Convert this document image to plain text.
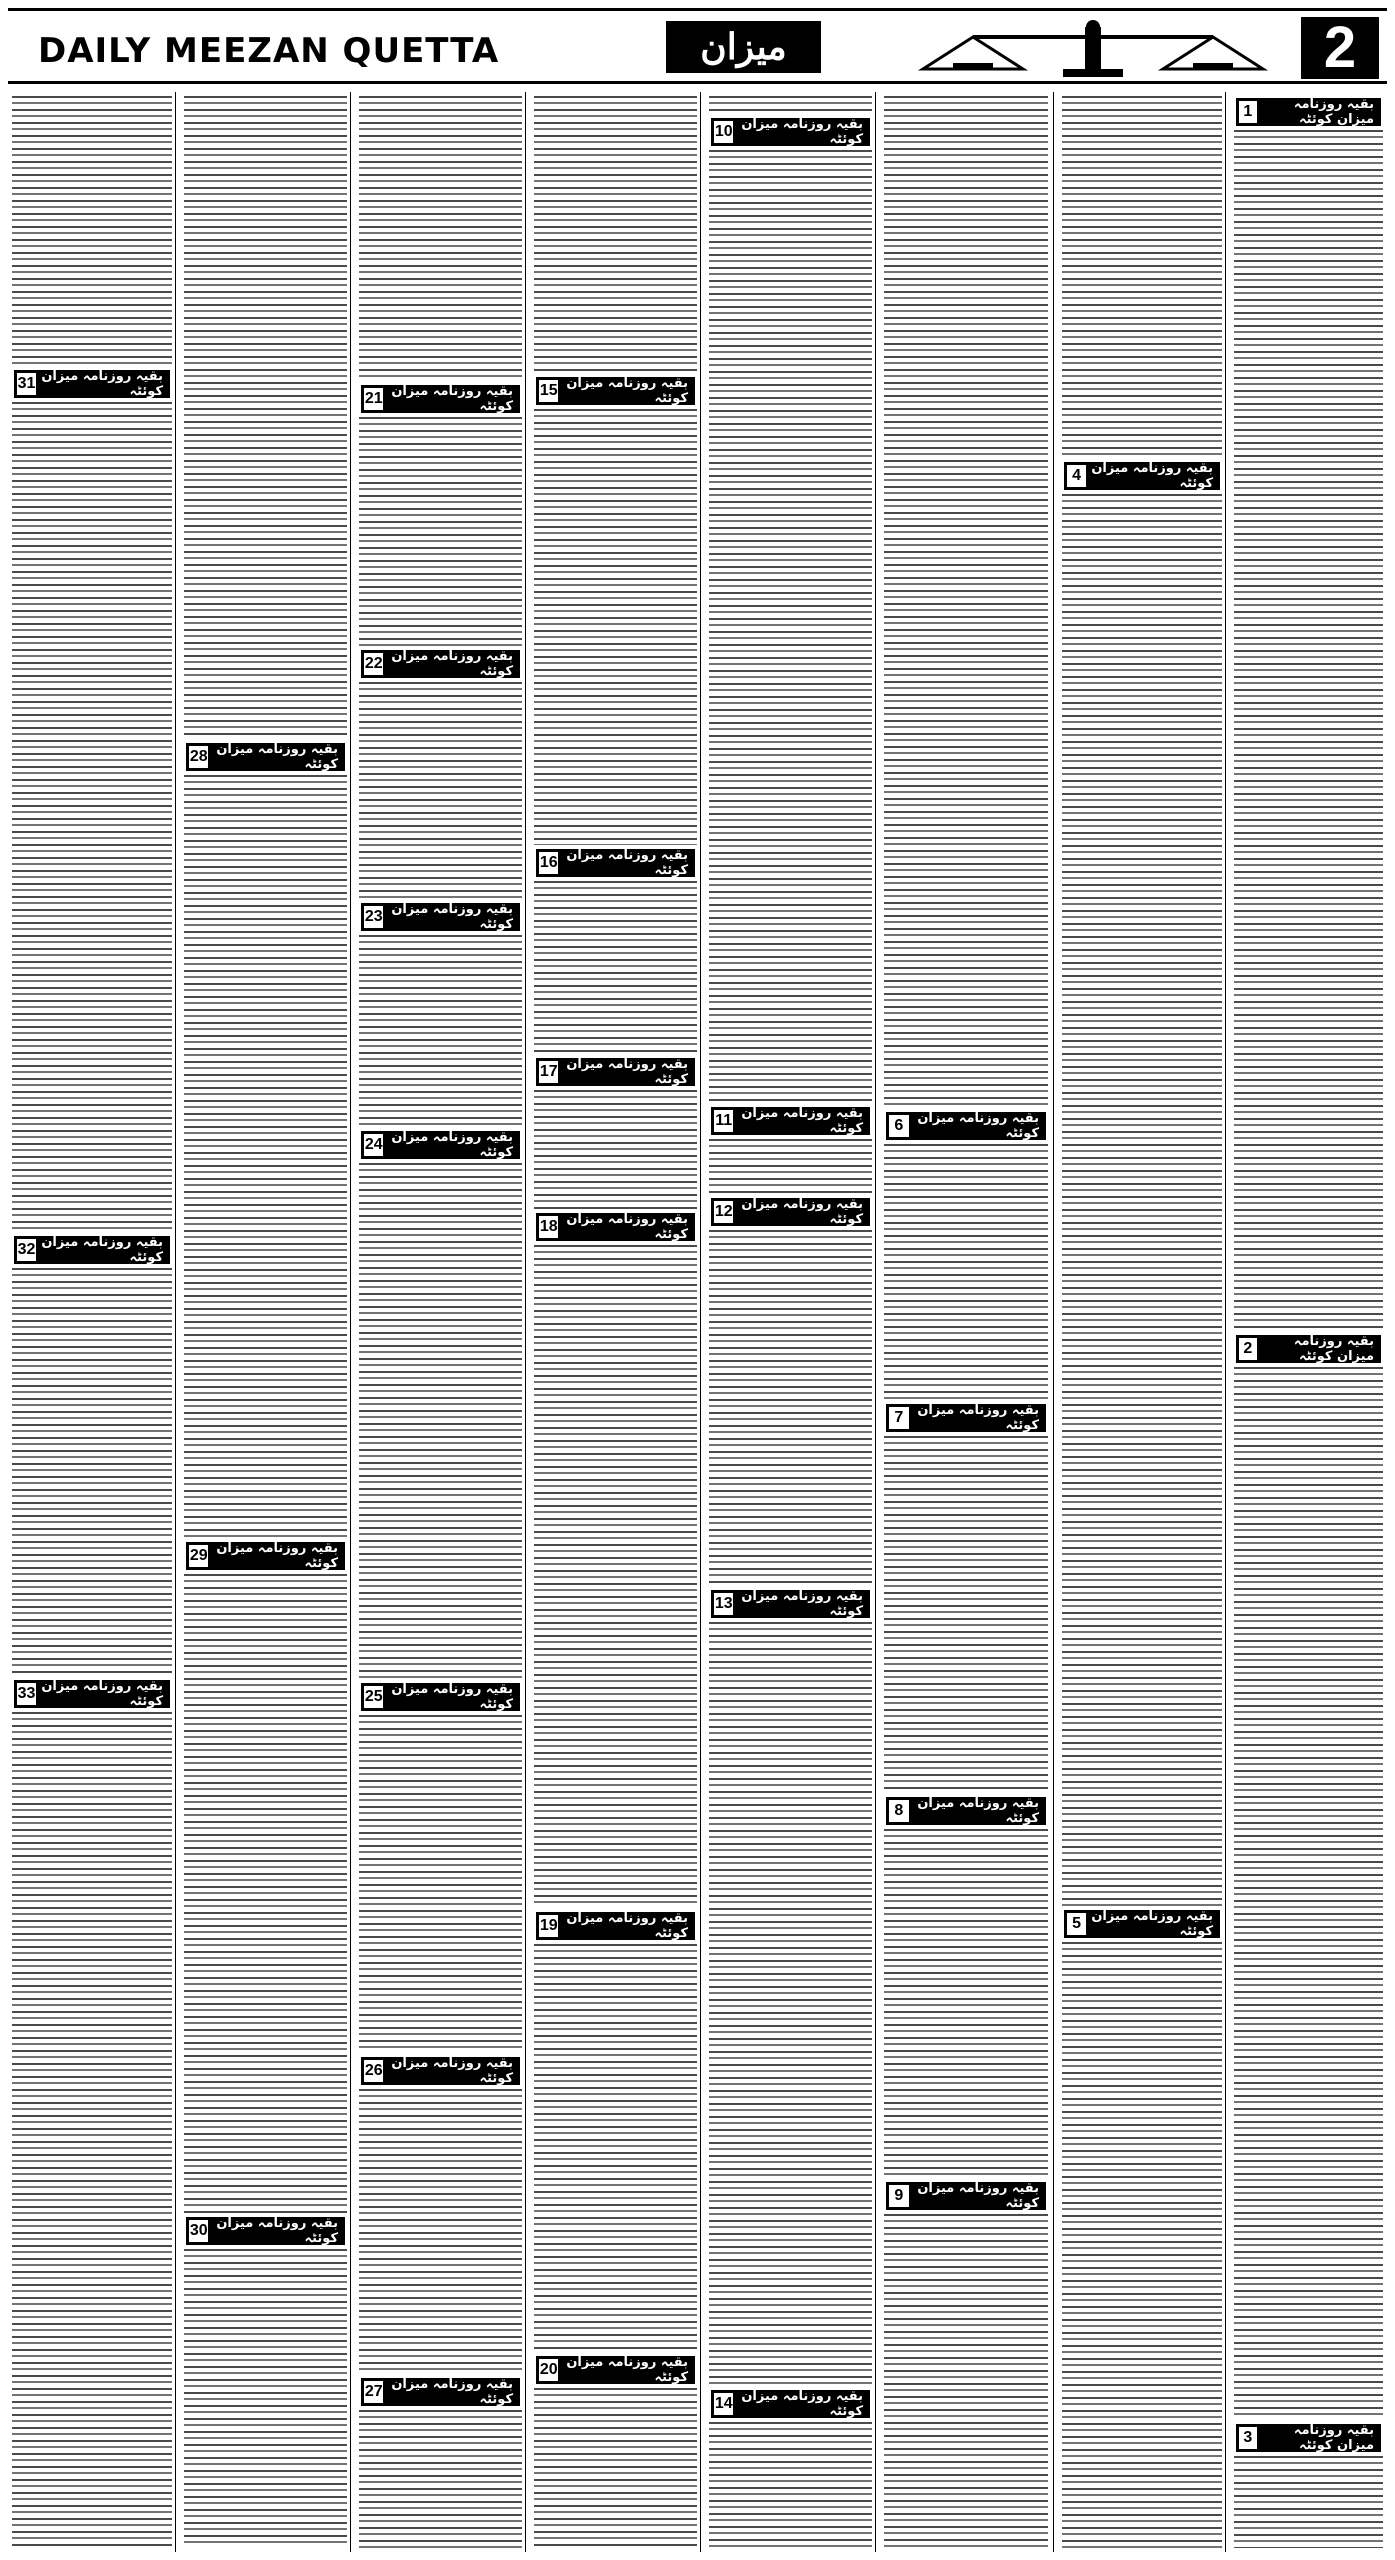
DAILY MEEZAN QUETTA	میزان	2
1	بقیہ روزنامہ میزان کوئٹہ
2	بقیہ روزنامہ میزان کوئٹہ
3	بقیہ روزنامہ میزان کوئٹہ
4 بقیہ روزنامہ میزان کوئٹہ
5 بقیہ روزنامہ میزان کوئٹہ
6	بقیہ روزنامہ میزان کوئٹہ
7	بقیہ روزنامہ میزان کوئٹہ
8	بقیہ روزنامہ میزان کوئٹہ
9	بقیہ روزنامہ میزان کوئٹہ
10 بقیہ روزنامہ میزان کوئٹہ
11 بقیہ روزنامہ میزان کوئٹہ
12 بقیہ روزنامہ میزان کوئٹہ
13 بقیہ روزنامہ میزان کوئٹہ
14 بقیہ روزنامہ میزان کوئٹہ
15 بقیہ روزنامہ میزان کوئٹہ
16 بقیہ روزنامہ میزان کوئٹہ
17 بقیہ روزنامہ میزان کوئٹہ
18 بقیہ روزنامہ میزان کوئٹہ
19 بقیہ روزنامہ میزان کوئٹہ
20 بقیہ روزنامہ میزان کوئٹہ
21 بقیہ روزنامہ میزان کوئٹہ
22 بقیہ روزنامہ میزان کوئٹہ
23 بقیہ روزنامہ میزان کوئٹہ
24 بقیہ روزنامہ میزان کوئٹہ
25 بقیہ روزنامہ میزان کوئٹہ
26 بقیہ روزنامہ میزان کوئٹہ
27 بقیہ روزنامہ میزان کوئٹہ
28 بقیہ روزنامہ میزان کوئٹہ
29 بقیہ روزنامہ میزان کوئٹہ
30 بقیہ روزنامہ میزان کوئٹہ
31 بقیہ روزنامہ میزان کوئٹہ
32 بقیہ روزنامہ میزان کوئٹہ
33 بقیہ روزنامہ میزان کوئٹہ
